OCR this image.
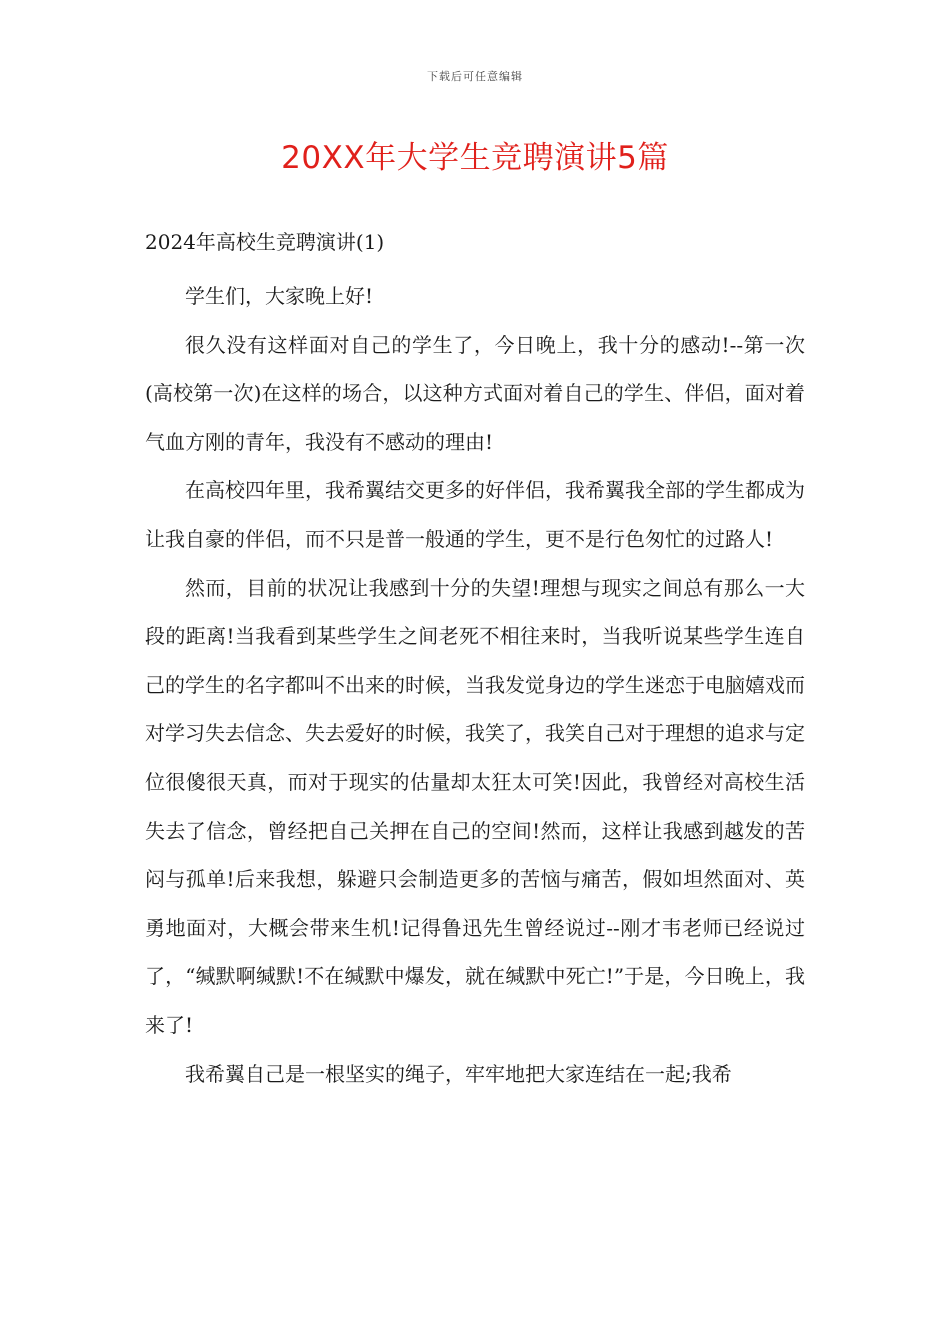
下载后可任意编辑
20XX年大学生竞聘演讲5篇
2024年高校生竞聘演讲(1)

学生们，大家晚上好!

很久没有这样面对自己的学生了，今日晚上，我十分的感动!--第一次(高校第一次)在这样的场合，以这种方式面对着自己的学生、伴侣，面对着气血方刚的青年，我没有不感动的理由!

在高校四年里，我希翼结交更多的好伴侣，我希翼我全部的学生都成为让我自豪的伴侣，而不只是普一般通的学生，更不是行色匆忙的过路人!

然而，目前的状况让我感到十分的失望!理想与现实之间总有那么一大段的距离!当我看到某些学生之间老死不相往来时，当我听说某些学生连自己的学生的名字都叫不出来的时候，当我发觉身边的学生迷恋于电脑嬉戏而对学习失去信念、失去爱好的时候，我笑了，我笑自己对于理想的追求与定位很傻很天真，而对于现实的估量却太狂太可笑!因此，我曾经对高校生活失去了信念，曾经把自己关押在自己的空间!然而，这样让我感到越发的苦闷与孤单!后来我想，躲避只会制造更多的苦恼与痛苦，假如坦然面对、英勇地面对，大概会带来生机!记得鲁迅先生曾经说过--刚才韦老师已经说过了，“缄默啊缄默!不在缄默中爆发，就在缄默中死亡!”于是，今日晚上，我来了!

我希翼自己是一根坚实的绳子，牢牢地把大家连结在一起;我希
